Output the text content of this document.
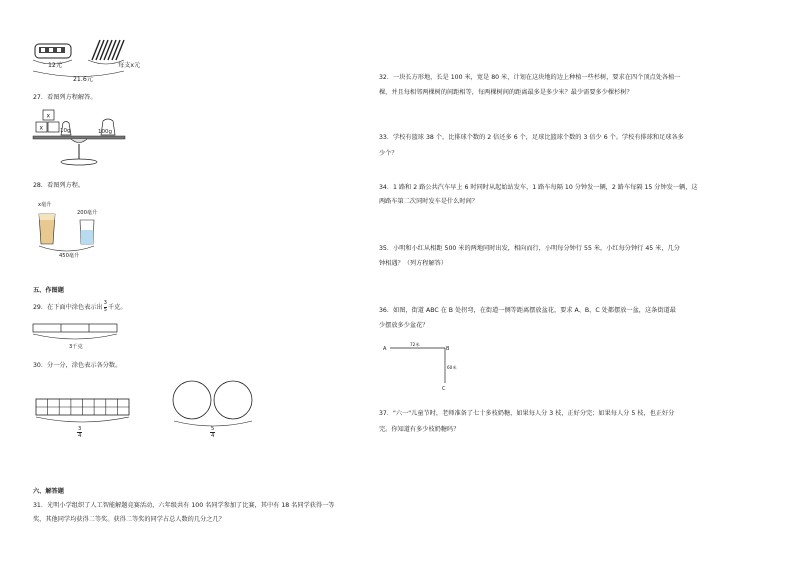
12元	每支x元
21.6元
27．看图列方程解答。
x
x	10g	100g
28．看图列方程。
x毫升
200毫升
450毫升
五、作图题
29．在下面中涂色表示出 $\frac{3}{5}$ 千克。
3千克
30．分一分，涂色表示各分数。
3
4
5
4
六、解答题
31．光明小学组织了人工智能解题竞赛活动，六年级共有 100 名同学参加了比赛，其中有 18 名同学获得一等
奖，其他同学均获得二等奖。获得二等奖的同学占总人数的几分之几？
32．一块长方形地，长是 100 米，宽是 80 米，计划在这块地的边上种植一些杉树，要求在四个顶点处各植一
棵，并且每相邻两棵树的间距相等，每两棵树间的距离最多是多少米？最少需要多少棵杉树？
33．学校有篮球 38 个，比排球个数的 2 倍还多 6 个，足球比篮球个数的 3 倍少 6 个。学校有排球和足球各多
少个？
34．1 路和 2 路公共汽车早上 6 时同时从起始站发车，1 路车每隔 10 分钟发一辆，2 路车每隔 15 分钟发一辆，这
两路车第二次同时发车是什么时间？
35．小明和小红从相距 500 米的两地同时出发，相向而行，小明每分钟行 55 米，小红每分钟行 45 米，几分
钟相遇？（列方程解答）
36．如图，街道 ABC 在 B 处拐弯，在街道一侧等距离摆放盆花，要求 A、B、C 处都摆放一盆，这条街道最
少摆放多少盆花？
A	B
C
72米
60米
37．"六一"儿童节时，老师准备了七十多枝奶糖，如果每人分 3 枝，正好分完；如果每人分 5 枝，也正好分
完。你知道有多少枝奶糖吗？
